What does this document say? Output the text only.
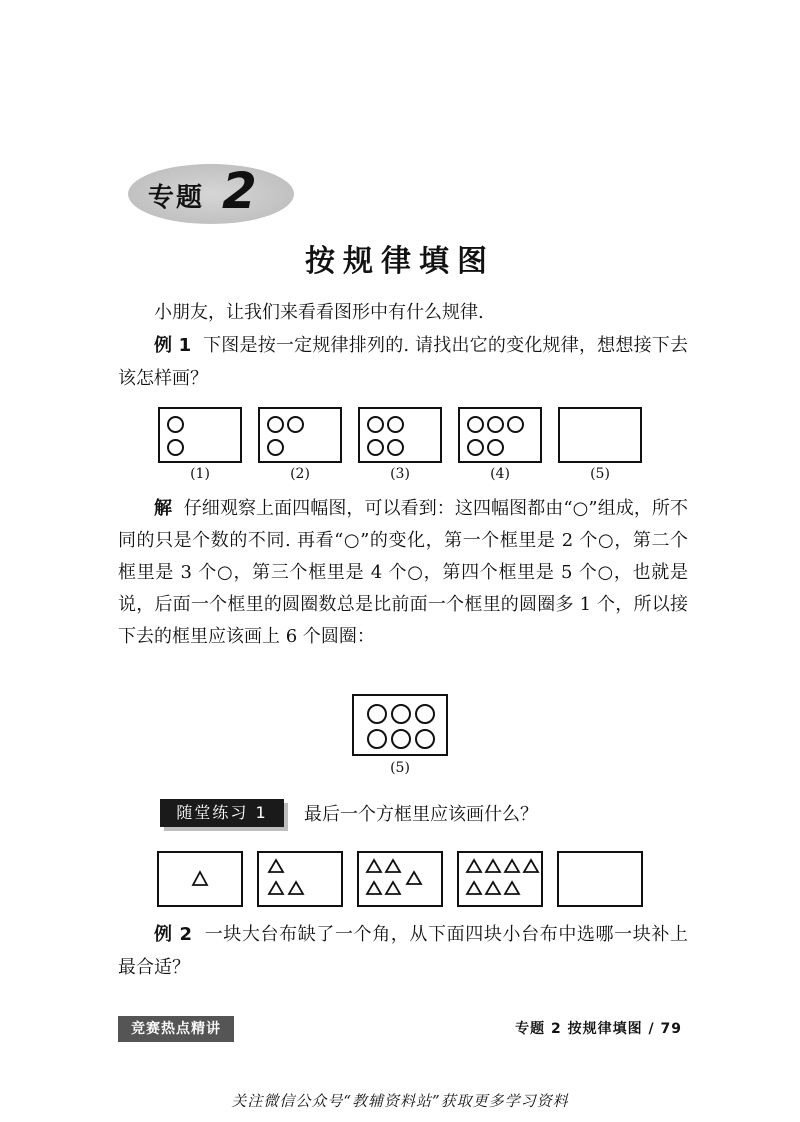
专题 2
按规律填图
小朋友，让我们来看看图形中有什么规律.
例 1 下图是按一定规律排列的. 请找出它的变化规律，想想接下去该怎样画？
(1)	(2)	(3)	(4)	(5)
解 仔细观察上面四幅图，可以看到：这四幅图都由“○”组成，所不同的只是个数的不同. 再看“○”的变化，第一个框里是 2 个○，第二个框里是 3 个○，第三个框里是 4 个○，第四个框里是 5 个○，也就是说，后面一个框里的圆圈数总是比前面一个框里的圆圈多 1 个，所以接下去的框里应该画上 6 个圆圈：
(5)
随堂练习 1	最后一个方框里应该画什么？
例 2 一块大台布缺了一个角，从下面四块小台布中选哪一块补上最合适？
竞赛热点精讲	专题 2 按规律填图 / 79
关注微信公众号“教辅资料站”获取更多学习资料
